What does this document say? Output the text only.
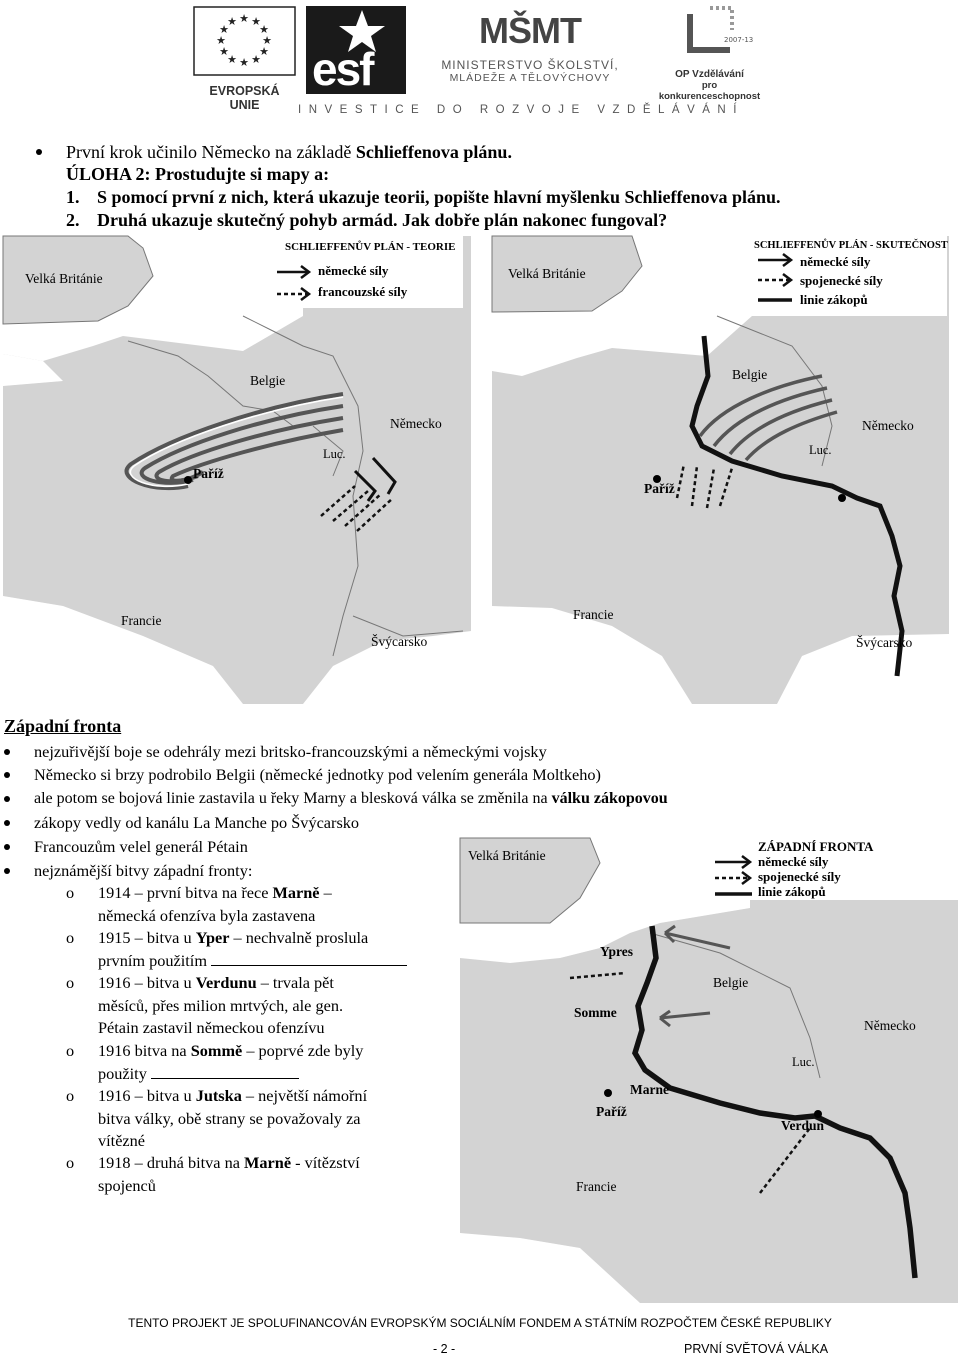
★ ★
★
★
★
★
★
★
★
★
★
★
EVROPSKÁ UNIE
esf
MŠMT
MINISTERSTVO ŠKOLSTVÍ,
MLÁDEŽE A TĚLOVÝCHOVY
2007-13
OP Vzdělávání
pro konkurenceschopnost
INVESTICE DO ROZVOJE VZDĚLÁVÁNÍ
První krok učinilo Německo na základě Schlieffenova plánu.
ÚLOHA 2: Prostudujte si mapy a:
1. S pomocí první z nich, která ukazuje teorii, popište hlavní myšlenku Schlieffenova plánu.
2. Druhá ukazuje skutečný pohyb armád. Jak dobře plán nakonec fungoval?
SCHLIEFFENŮV PLÁN - TEORIE
německé síly
francouzské síly
Velká Británie
Belgie
Německo
Luc.
Paříž
Francie
Švýcarsko
SCHLIEFFENŮV PLÁN - SKUTEČNOST
německé síly
spojenecké síly
linie zákopů
Velká Británie
Belgie
Německo
Luc.
Paříž
Francie
Švýcarsko
Západní fronta
nejzuřivější boje se odehrály mezi britsko-francouzskými a německými vojsky
Německo si brzy podrobilo Belgii (německé jednotky pod velením generála Moltkeho)
ale potom se bojová linie zastavila u řeky Marny a blesková válka se změnila na válku zákopovou
zákopy vedly od kanálu La Manche po Švýcarsko
Francouzům velel generál Pétain
nejznámější bitvy západní fronty:
o 1914 – první bitva na řece Marně –
německá ofenzíva byla zastavena
o 1915 – bitva u Yper – nechvalně proslula
prvním použitím
o 1916 – bitva u Verdunu – trvala pět
měsíců, přes milion mrtvých, ale gen.
Pétain zastavil německou ofenzívu
o 1916 bitva na Sommě – poprvé zde byly
použity
o 1916 – bitva u Jutska – největší námořní
bitva války, obě strany se považovaly za
vítězné
o 1918 – druhá bitva na Marně - vítězství
spojenců
ZÁPADNÍ FRONTA
německé síly
spojenecké síly
linie zákopů
Velká Británie
Ypres
Belgie
Somme
Německo
Luc.
Marne
Paříž
Verdun
Francie
TENTO PROJEKT JE SPOLUFINANCOVÁN EVROPSKÝM SOCIÁLNÍM FONDEM A STÁTNÍM ROZPOČTEM ČESKÉ REPUBLIKY
- 2 -	PRVNÍ SVĚTOVÁ VÁLKA
